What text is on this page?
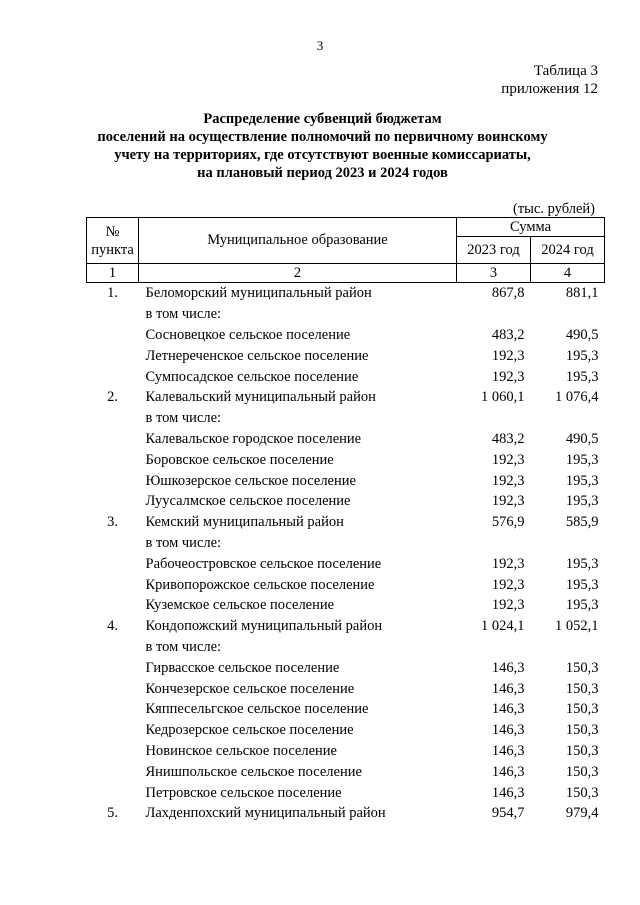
3
Таблица 3
приложения 12
Распределение субвенций бюджетам
поселений на осуществление полномочий по первичному воинскому
учету на территориях, где отсутствуют военные комиссариаты,
на плановый период 2023 и 2024 годов
(тыс. рублей)
№ пункта	Муниципальное образование	Сумма	
		2023 год	2024 год
1	2	3	4
1.	Беломорский муниципальный район	867,8	881,1
	в том числе:		
	Сосновецкое сельское поселение	483,2	490,5
	Летнереченское сельское поселение	192,3	195,3
	Сумпосадское сельское поселение	192,3	195,3
2.	Калевальский муниципальный район	1 060,1	1 076,4
	в том числе:		
	Калевальское городское поселение	483,2	490,5
	Боровское сельское поселение	192,3	195,3
	Юшкозерское сельское поселение	192,3	195,3
	Луусалмское сельское поселение	192,3	195,3
3.	Кемский муниципальный район	576,9	585,9
	в том числе:		
	Рабочеостровское сельское поселение	192,3	195,3
	Кривопорожское сельское поселение	192,3	195,3
	Куземское сельское поселение	192,3	195,3
4.	Кондопожский муниципальный район	1 024,1	1 052,1
	в том числе:		
	Гирвасское сельское поселение	146,3	150,3
	Кончезерское сельское поселение	146,3	150,3
	Кяппесельгское сельское поселение	146,3	150,3
	Кедрозерское сельское поселение	146,3	150,3
	Новинское сельское поселение	146,3	150,3
	Янишпольское сельское поселение	146,3	150,3
	Петровское сельское поселение	146,3	150,3
5.	Лахденпохский муниципальный район	954,7	979,4
